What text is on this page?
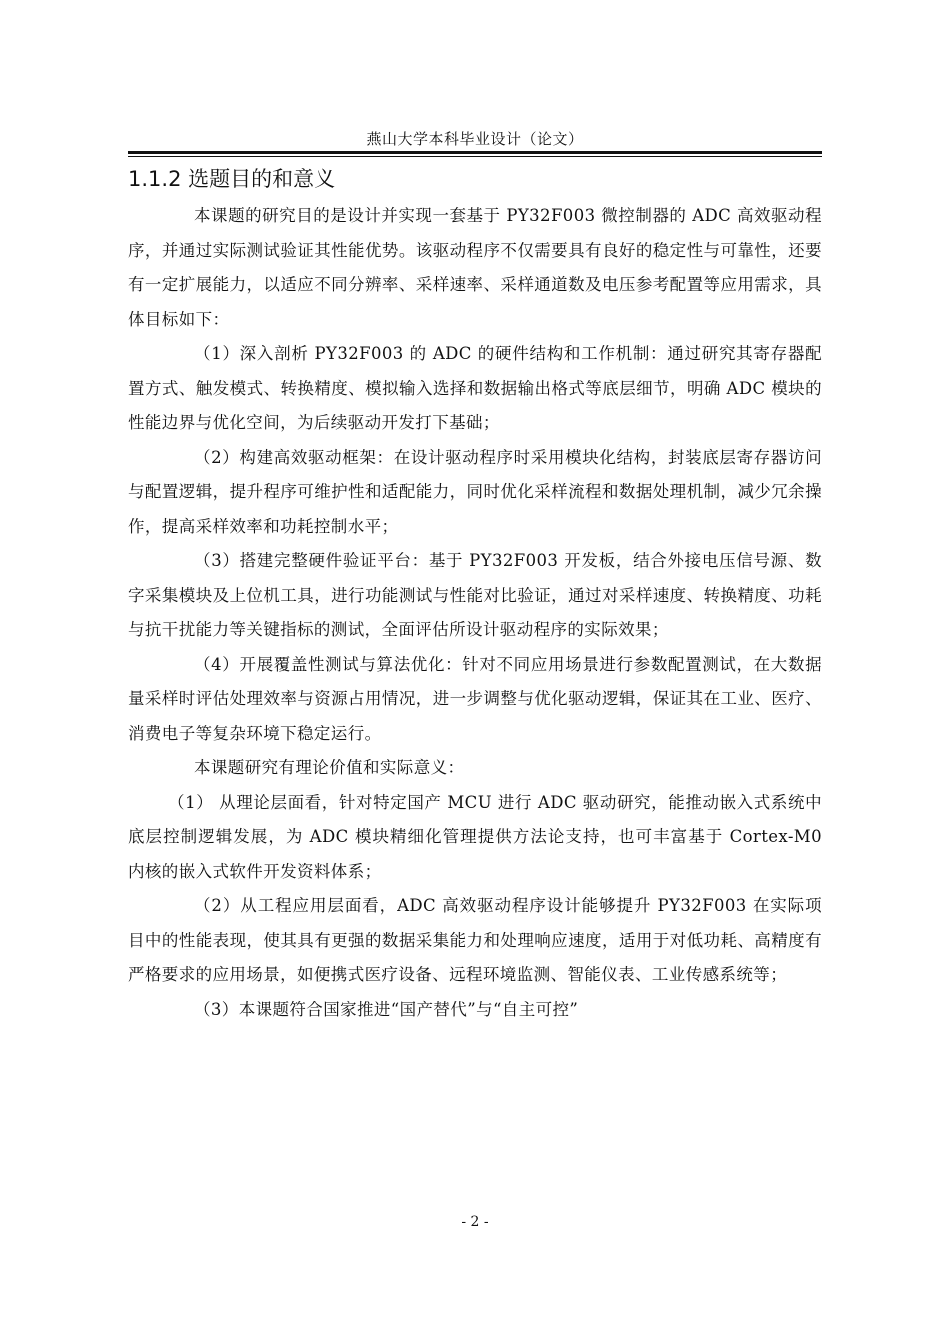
燕山大学本科毕业设计（论文）
1.1.2 选题目的和意义

本课题的研究目的是设计并实现一套基于 PY32F003 微控制器的 ADC 高效驱动程序，并通过实际测试验证其性能优势。该驱动程序不仅需要具有良好的稳定性与可靠性，还要有一定扩展能力，以适应不同分辨率、采样速率、采样通道数及电压参考配置等应用需求，具体目标如下：

（1）深入剖析 PY32F003 的 ADC 的硬件结构和工作机制：通过研究其寄存器配置方式、触发模式、转换精度、模拟输入选择和数据输出格式等底层细节，明确 ADC 模块的性能边界与优化空间，为后续驱动开发打下基础；

（2）构建高效驱动框架：在设计驱动程序时采用模块化结构，封装底层寄存器访问与配置逻辑，提升程序可维护性和适配能力，同时优化采样流程和数据处理机制，减少冗余操作，提高采样效率和功耗控制水平；

（3）搭建完整硬件验证平台：基于 PY32F003 开发板，结合外接电压信号源、数字采集模块及上位机工具，进行功能测试与性能对比验证，通过对采样速度、转换精度、功耗与抗干扰能力等关键指标的测试，全面评估所设计驱动程序的实际效果；

（4）开展覆盖性测试与算法优化：针对不同应用场景进行参数配置测试，在大数据量采样时评估处理效率与资源占用情况，进一步调整与优化驱动逻辑，保证其在工业、医疗、消费电子等复杂环境下稳定运行。

本课题研究有理论价值和实际意义：

（1） 从理论层面看，针对特定国产 MCU 进行 ADC 驱动研究，能推动嵌入式系统中底层控制逻辑发展，为 ADC 模块精细化管理提供方法论支持，也可丰富基于 Cortex-M0 内核的嵌入式软件开发资料体系；

（2）从工程应用层面看，ADC 高效驱动程序设计能够提升 PY32F003 在实际项目中的性能表现，使其具有更强的数据采集能力和处理响应速度，适用于对低功耗、高精度有严格要求的应用场景，如便携式医疗设备、远程环境监测、智能仪表、工业传感系统等；

（3）本课题符合国家推进“国产替代”与“自主可控”

- 2 -
